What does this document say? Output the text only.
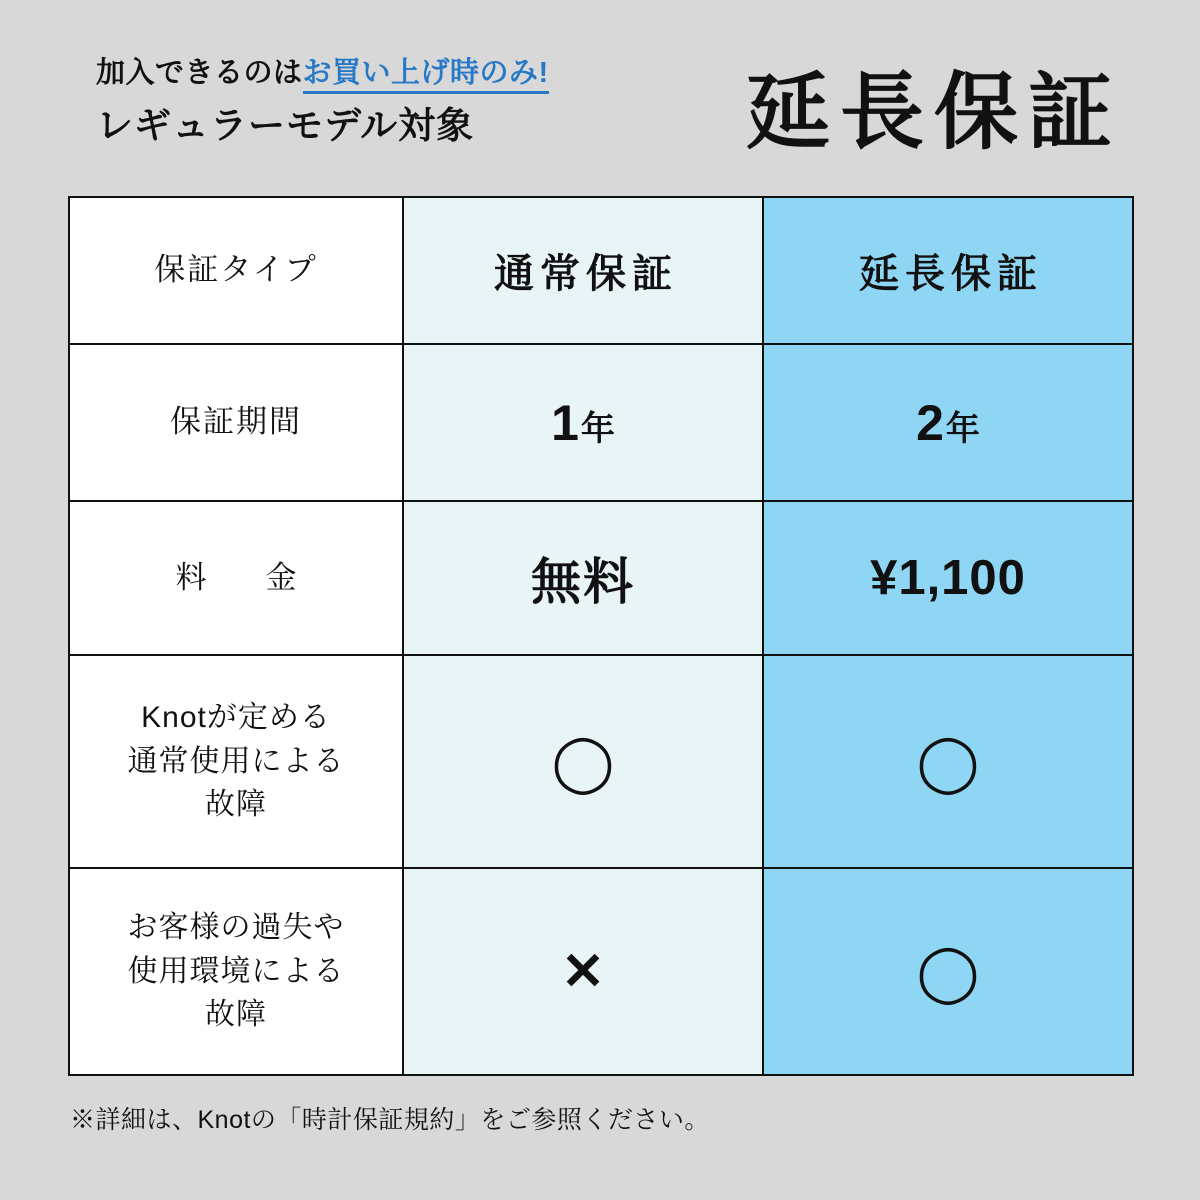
加入できるのはお買い上げ時のみ!
レギュラーモデル対象	延長保証
保証タイプ	通常保証	延長保証
保証期間	1年	2年
料　金	無料	¥1,100

Knotが定める
通常使用による
故障	◯	◯

お客様の過失や
使用環境による
故障	✕	◯
※詳細は、Knotの「時計保証規約」をご参照ください。
